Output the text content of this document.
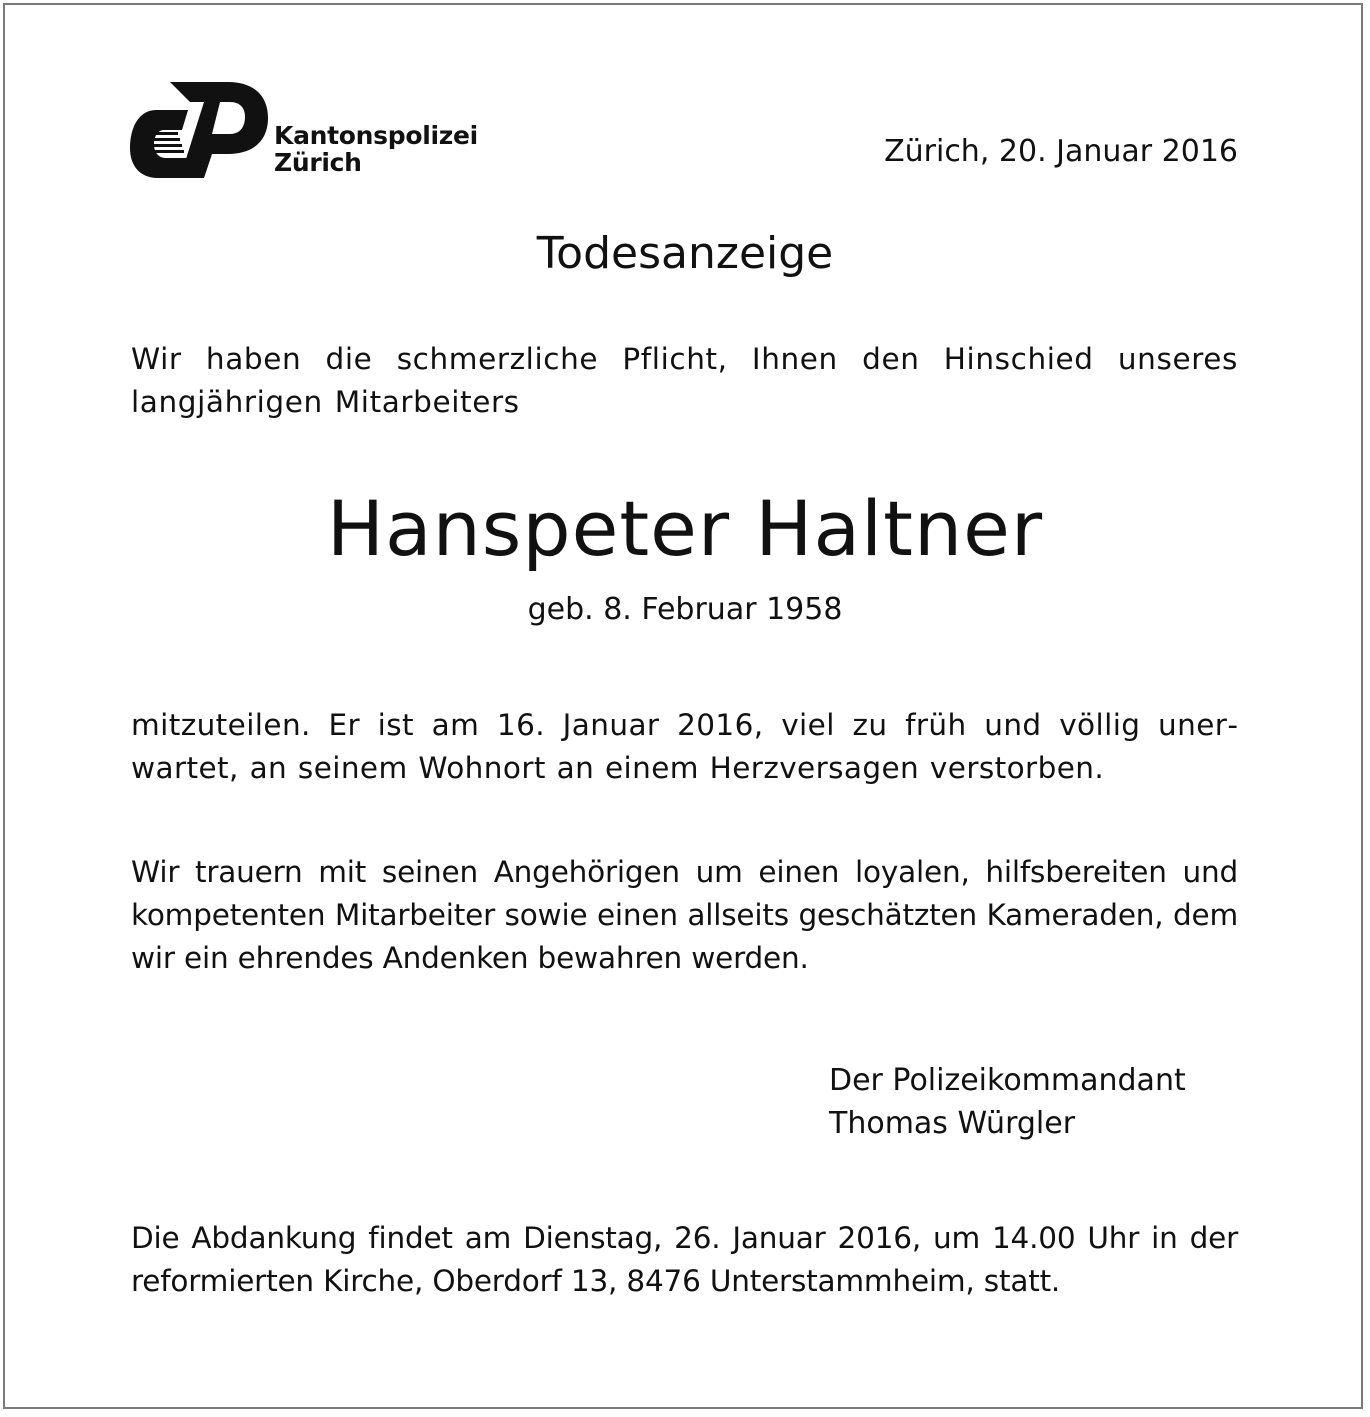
Kantonspolizei
Zürich	Zürich, 20. Januar 2016
Todesanzeige
Wir haben die schmerzliche Pflicht, Ihnen den Hinschied unseres langjährigen Mitarbeiters
Hanspeter Haltner
geb. 8. Februar 1958
mitzuteilen. Er ist am 16. Januar 2016, viel zu früh und völlig unerwartet, an seinem Wohnort an einem Herzversagen verstorben.
Wir trauern mit seinen Angehörigen um einen loyalen, hilfsbereiten und kompetenten Mitarbeiter sowie einen allseits geschätzten Kameraden, dem wir ein ehrendes Andenken bewahren werden.
Der Polizeikommandant
Thomas Würgler
Die Abdankung findet am Dienstag, 26. Januar 2016, um 14.00 Uhr in der reformierten Kirche, Oberdorf 13, 8476 Unterstammheim, statt.
